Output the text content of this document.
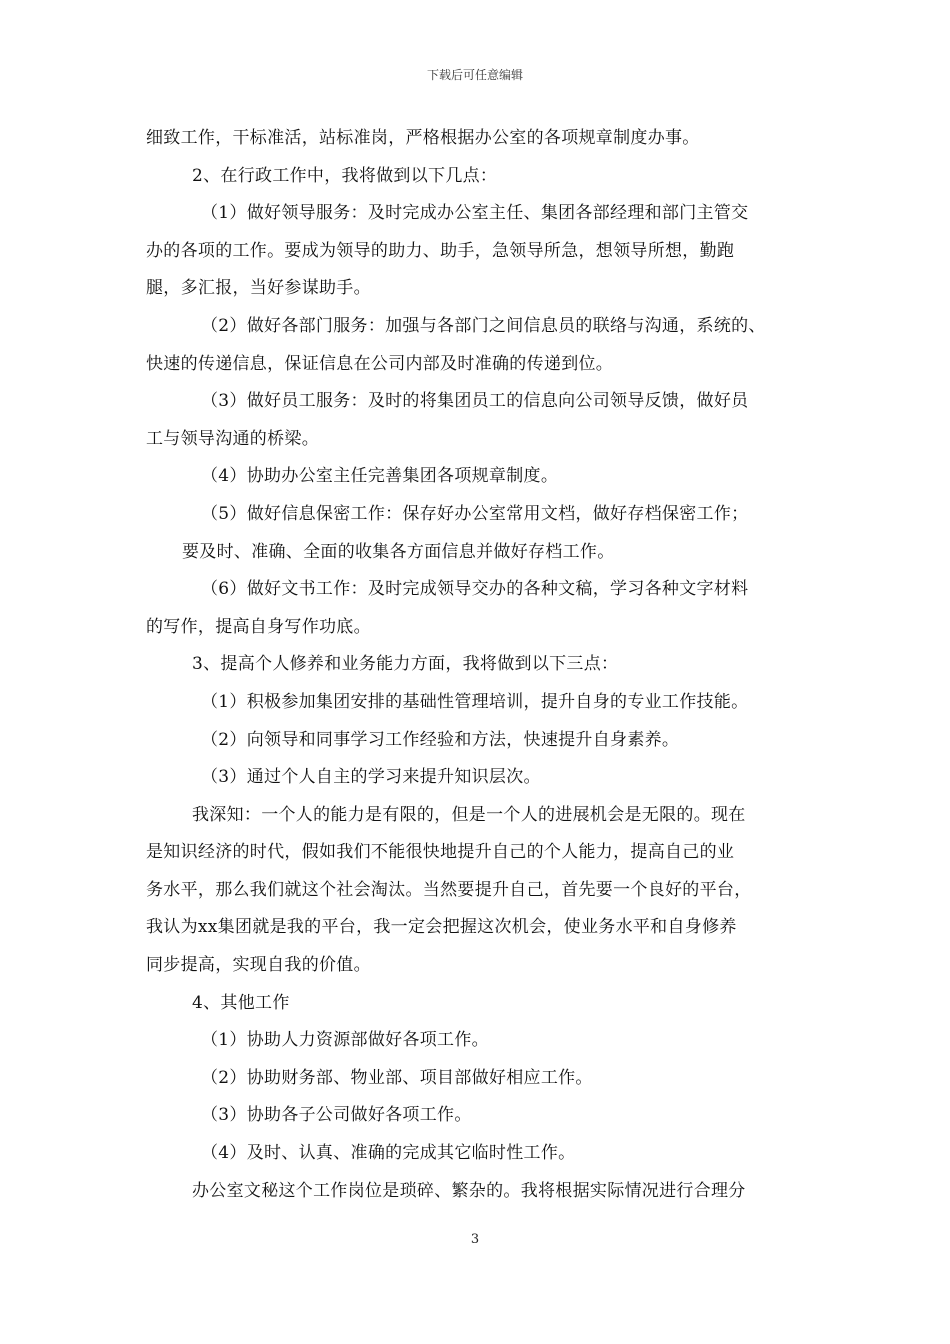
下载后可任意编辑
细致工作，干标准活，站标准岗，严格根据办公室的各项规章制度办事。
2、在行政工作中，我将做到以下几点：
（1）做好领导服务：及时完成办公室主任、集团各部经理和部门主管交
办的各项的工作。要成为领导的助力、助手，急领导所急，想领导所想，勤跑
腿，多汇报，当好参谋助手。
（2）做好各部门服务：加强与各部门之间信息员的联络与沟通，系统的、
快速的传递信息，保证信息在公司内部及时准确的传递到位。
（3）做好员工服务：及时的将集团员工的信息向公司领导反馈，做好员
工与领导沟通的桥梁。
（4）协助办公室主任完善集团各项规章制度。
（5）做好信息保密工作：保存好办公室常用文档，做好存档保密工作；
要及时、准确、全面的收集各方面信息并做好存档工作。
（6）做好文书工作：及时完成领导交办的各种文稿，学习各种文字材料
的写作，提高自身写作功底。
3、提高个人修养和业务能力方面，我将做到以下三点：
（1）积极参加集团安排的基础性管理培训，提升自身的专业工作技能。
（2）向领导和同事学习工作经验和方法，快速提升自身素养。
（3）通过个人自主的学习来提升知识层次。
我深知：一个人的能力是有限的，但是一个人的进展机会是无限的。现在
是知识经济的时代，假如我们不能很快地提升自己的个人能力，提高自己的业
务水平，那么我们就这个社会淘汰。当然要提升自己，首先要一个良好的平台，
我认为xx集团就是我的平台，我一定会把握这次机会，使业务水平和自身修养
同步提高，实现自我的价值。
4、其他工作
（1）协助人力资源部做好各项工作。
（2）协助财务部、物业部、项目部做好相应工作。
（3）协助各子公司做好各项工作。
（4）及时、认真、准确的完成其它临时性工作。
办公室文秘这个工作岗位是琐碎、繁杂的。我将根据实际情况进行合理分
3
